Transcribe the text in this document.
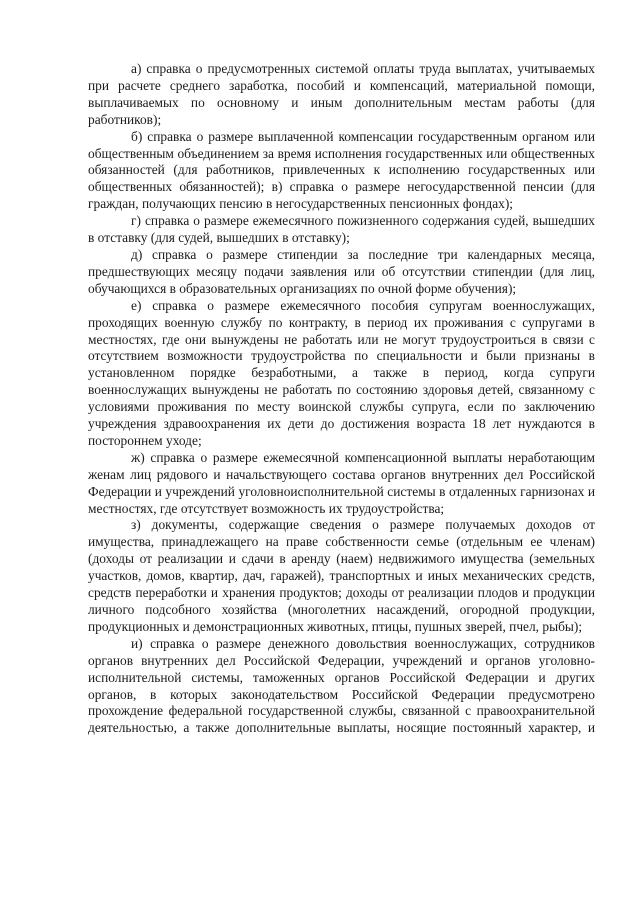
а) справка о предусмотренных системой оплаты труда выплатах, учитываемых при расчете среднего заработка, пособий и компенсаций, материальной помощи, выплачиваемых по основному и иным дополнительным местам работы (для работников);

б) справка о размере выплаченной компенсации государственным органом или общественным объединением за время исполнения государственных или общественных обязанностей (для работников, привлеченных к исполнению государственных или общественных обязанностей); в) справка о размере негосударственной пенсии (для граждан, получающих пенсию в негосударственных пенсионных фондах);

г) справка о размере ежемесячного пожизненного содержания судей, вышедших в отставку (для судей, вышедших в отставку);

д) справка о размере стипендии за последние три календарных месяца, предшествующих месяцу подачи заявления или об отсутствии стипендии (для лиц, обучающихся в образовательных организациях по очной форме обучения);

е) справка о размере ежемесячного пособия супругам военнослужащих, проходящих военную службу по контракту, в период их проживания с супругами в местностях, где они вынуждены не работать или не могут трудоустроиться в связи с отсутствием возможности трудоустройства по специальности и были признаны в установленном порядке безработными, а также в период, когда супруги военнослужащих вынуждены не работать по состоянию здоровья детей, связанному с условиями проживания по месту воинской службы супруга, если по заключению учреждения здравоохранения их дети до достижения возраста 18 лет нуждаются в постороннем уходе;

ж) справка о размере ежемесячной компенсационной выплаты неработающим женам лиц рядового и начальствующего состава органов внутренних дел Российской Федерации и учреждений уголовноисполнительной системы в отдаленных гарнизонах и местностях, где отсутствует возможность их трудоустройства;

з) документы, содержащие сведения о размере получаемых доходов от имущества, принадлежащего на праве собственности семье (отдельным ее членам) (доходы от реализации и сдачи в аренду (наем) недвижимого имущества (земельных участков, домов, квартир, дач, гаражей), транспортных и иных механических средств, средств переработки и хранения продуктов; доходы от реализации плодов и продукции личного подсобного хозяйства (многолетних насаждений, огородной продукции, продукционных и демонстрационных животных, птицы, пушных зверей, пчел, рыбы);

и) справка о размере денежного довольствия военнослужащих, сотрудников органов внутренних дел Российской Федерации, учреждений и органов уголовно-исполнительной системы, таможенных органов Российской Федерации и других органов, в которых законодательством Российской Федерации предусмотрено прохождение федеральной государственной службы, связанной с правоохранительной деятельностью, а также дополнительные выплаты, носящие постоянный характер, и
